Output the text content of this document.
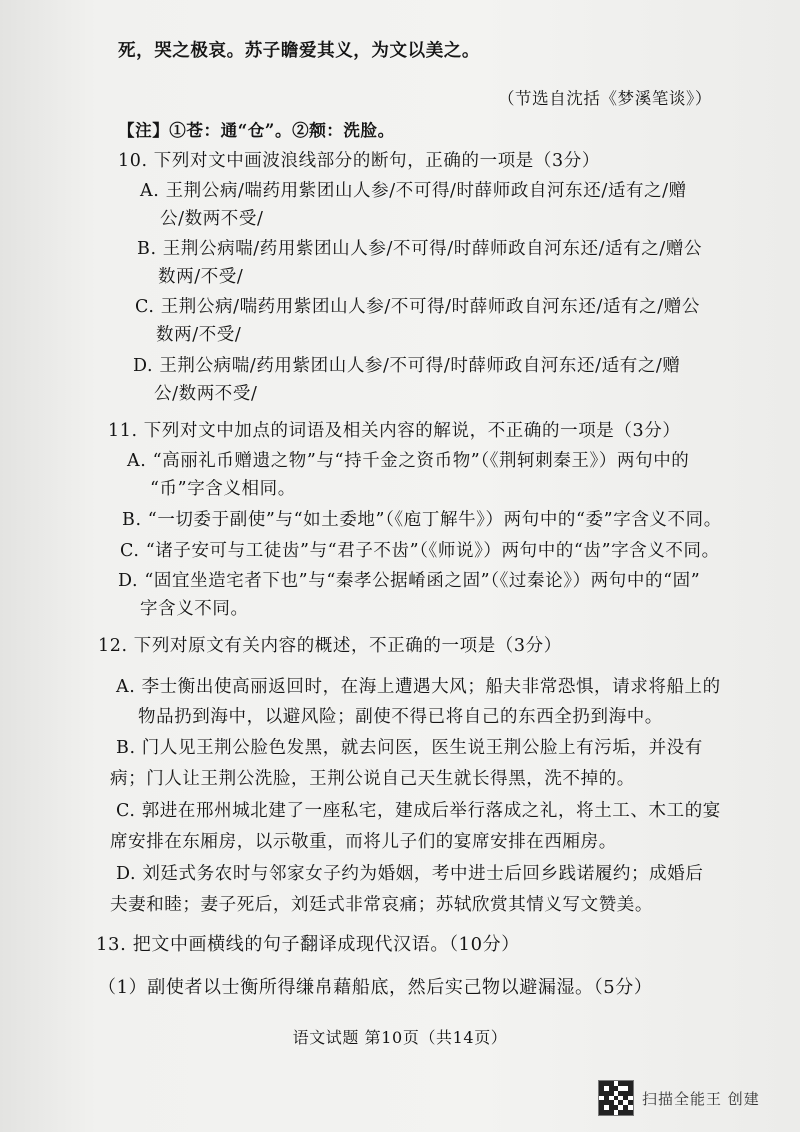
死，哭之极哀。苏子瞻爱其义，为文以美之。
（节选自沈括《梦溪笔谈》）
【注】①苍：通“仓”。②颒：洗脸。
10. 下列对文中画波浪线部分的断句，正确的一项是（3分）
A. 王荆公病/喘药用紫团山人参/不可得/时薛师政自河东还/适有之/赠
公/数两不受/
B. 王荆公病喘/药用紫团山人参/不可得/时薛师政自河东还/适有之/赠公
数两/不受/
C. 王荆公病/喘药用紫团山人参/不可得/时薛师政自河东还/适有之/赠公
数两/不受/
D. 王荆公病喘/药用紫团山人参/不可得/时薛师政自河东还/适有之/赠
公/数两不受/
11. 下列对文中加点的词语及相关内容的解说，不正确的一项是（3分）
A. “高丽礼币赠遗之物”与“持千金之资币物”（《荆轲刺秦王》）两句中的
“币”字含义相同。
B. “一切委于副使”与“如土委地”（《庖丁解牛》）两句中的“委”字含义不同。
C. “诸子安可与工徒齿”与“君子不齿”（《师说》）两句中的“齿”字含义不同。
D. “固宜坐造宅者下也”与“秦孝公据崤函之固”（《过秦论》）两句中的“固”
字含义不同。
12. 下列对原文有关内容的概述，不正确的一项是（3分）
A. 李士衡出使高丽返回时，在海上遭遇大风；船夫非常恐惧，请求将船上的
物品扔到海中，以避风险；副使不得已将自己的东西全扔到海中。
B. 门人见王荆公脸色发黑，就去问医，医生说王荆公脸上有污垢，并没有
病；门人让王荆公洗脸，王荆公说自己天生就长得黑，洗不掉的。
C. 郭进在邢州城北建了一座私宅，建成后举行落成之礼，将土工、木工的宴
席安排在东厢房，以示敬重，而将儿子们的宴席安排在西厢房。
D. 刘廷式务农时与邻家女子约为婚姻，考中进士后回乡践诺履约；成婚后
夫妻和睦；妻子死后，刘廷式非常哀痛；苏轼欣赏其情义写文赞美。
13. 把文中画横线的句子翻译成现代汉语。（10分）
（1）副使者以士衡所得缣帛藉船底，然后实己物以避漏湿。（5分）
语文试题 第10页（共14页）
扫描全能王 创建
